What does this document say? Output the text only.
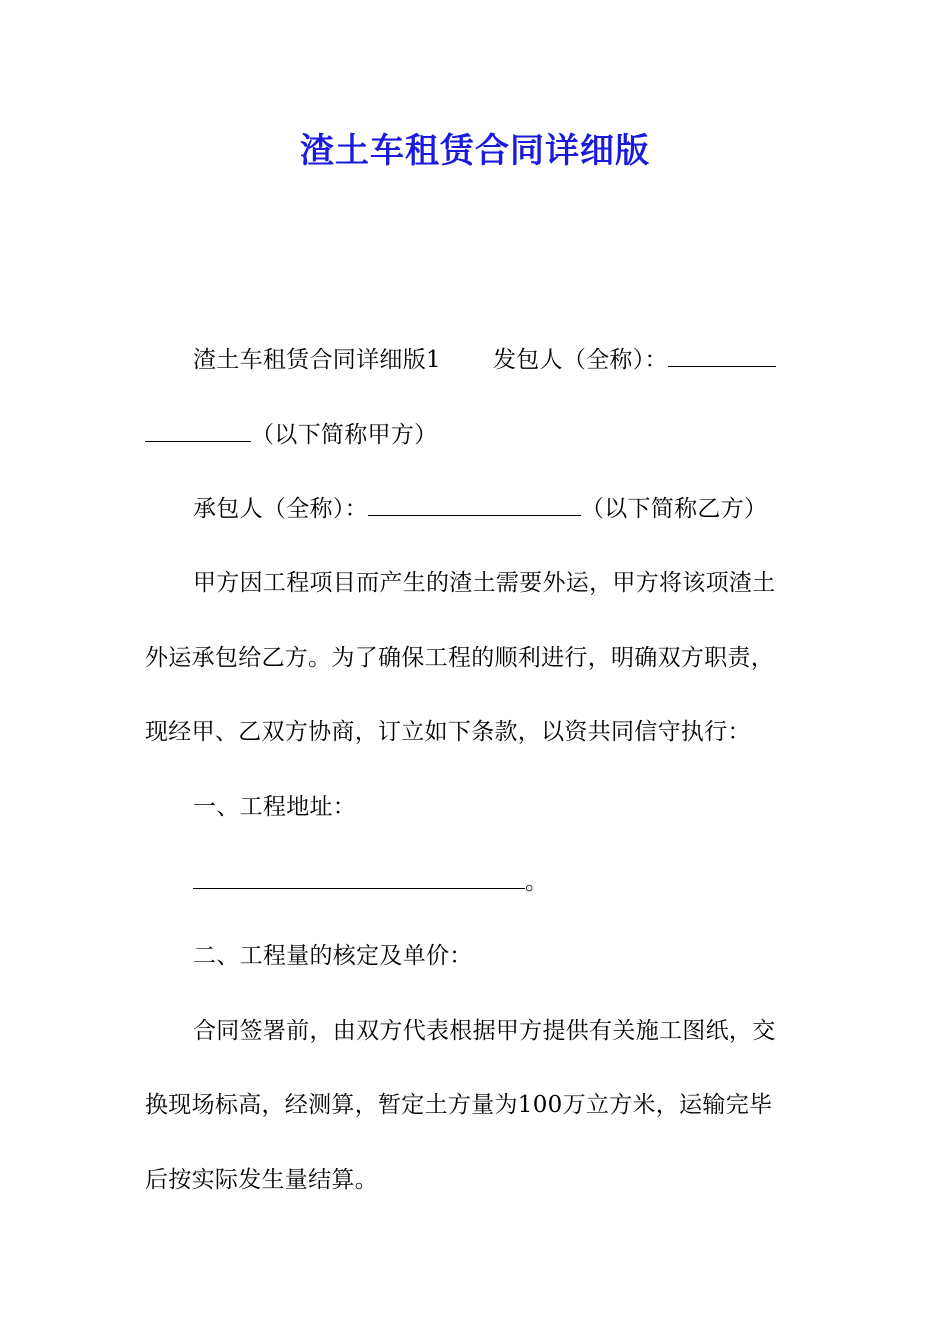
渣土车租赁合同详细版
渣土车租赁合同详细版1 发包人（全称）：
（以下简称甲方）
承包人（全称）：	（以下简称乙方）
甲方因工程项目而产生的渣土需要外运，甲方将该项渣土
外运承包给乙方。为了确保工程的顺利进行，明确双方职责，
现经甲、乙双方协商，订立如下条款，以资共同信守执行：
一、工程地址：
。
二、工程量的核定及单价：
合同签署前，由双方代表根据甲方提供有关施工图纸，交
换现场标高，经测算，暂定土方量为100万立方米，运输完毕
后按实际发生量结算。
